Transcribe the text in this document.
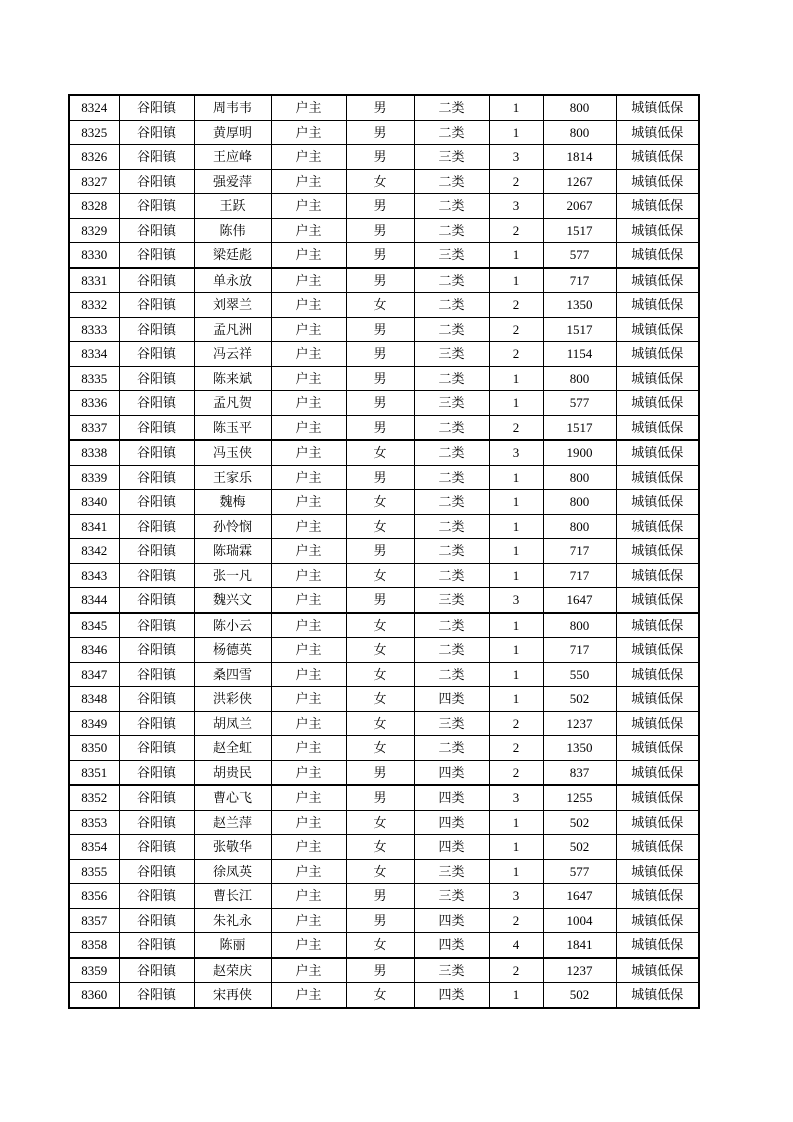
8324	谷阳镇	周韦韦	户主	男	二类	1	800	城镇低保
8325	谷阳镇	黄厚明	户主	男	二类	1	800	城镇低保
8326	谷阳镇	王应峰	户主	男	三类	3	1814	城镇低保
8327	谷阳镇	强爱萍	户主	女	二类	2	1267	城镇低保
8328	谷阳镇	王跃	户主	男	二类	3	2067	城镇低保
8329	谷阳镇	陈伟	户主	男	二类	2	1517	城镇低保
8330	谷阳镇	梁廷彪	户主	男	三类	1	577	城镇低保
8331	谷阳镇	单永放	户主	男	二类	1	717	城镇低保
8332	谷阳镇	刘翠兰	户主	女	二类	2	1350	城镇低保
8333	谷阳镇	孟凡洲	户主	男	二类	2	1517	城镇低保
8334	谷阳镇	冯云祥	户主	男	三类	2	1154	城镇低保
8335	谷阳镇	陈来斌	户主	男	二类	1	800	城镇低保
8336	谷阳镇	孟凡贺	户主	男	三类	1	577	城镇低保
8337	谷阳镇	陈玉平	户主	男	二类	2	1517	城镇低保
8338	谷阳镇	冯玉侠	户主	女	二类	3	1900	城镇低保
8339	谷阳镇	王家乐	户主	男	二类	1	800	城镇低保
8340	谷阳镇	魏梅	户主	女	二类	1	800	城镇低保
8341	谷阳镇	孙怜悯	户主	女	二类	1	800	城镇低保
8342	谷阳镇	陈瑞霖	户主	男	二类	1	717	城镇低保
8343	谷阳镇	张一凡	户主	女	二类	1	717	城镇低保
8344	谷阳镇	魏兴文	户主	男	三类	3	1647	城镇低保
8345	谷阳镇	陈小云	户主	女	二类	1	800	城镇低保
8346	谷阳镇	杨德英	户主	女	二类	1	717	城镇低保
8347	谷阳镇	桑四雪	户主	女	二类	1	550	城镇低保
8348	谷阳镇	洪彩侠	户主	女	四类	1	502	城镇低保
8349	谷阳镇	胡凤兰	户主	女	三类	2	1237	城镇低保
8350	谷阳镇	赵全虹	户主	女	二类	2	1350	城镇低保
8351	谷阳镇	胡贵民	户主	男	四类	2	837	城镇低保
8352	谷阳镇	曹心飞	户主	男	四类	3	1255	城镇低保
8353	谷阳镇	赵兰萍	户主	女	四类	1	502	城镇低保
8354	谷阳镇	张敬华	户主	女	四类	1	502	城镇低保
8355	谷阳镇	徐凤英	户主	女	三类	1	577	城镇低保
8356	谷阳镇	曹长江	户主	男	三类	3	1647	城镇低保
8357	谷阳镇	朱礼永	户主	男	四类	2	1004	城镇低保
8358	谷阳镇	陈丽	户主	女	四类	4	1841	城镇低保
8359	谷阳镇	赵荣庆	户主	男	三类	2	1237	城镇低保
8360	谷阳镇	宋再侠	户主	女	四类	1	502	城镇低保
